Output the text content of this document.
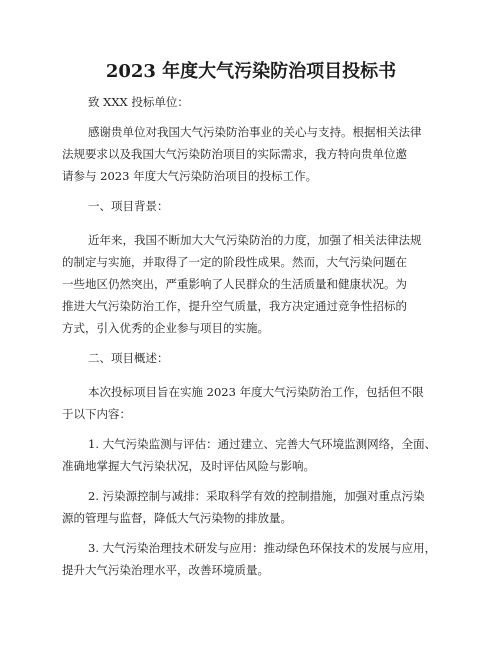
2023 年度大气污染防治项目投标书
致 XXX 投标单位：
感谢贵单位对我国大气污染防治事业的关心与支持。根据相关法律
法规要求以及我国大气污染防治项目的实际需求，我方特向贵单位邀
请参与 2023 年度大气污染防治项目的投标工作。
一、项目背景：
近年来，我国不断加大大气污染防治的力度，加强了相关法律法规
的制定与实施，并取得了一定的阶段性成果。然而，大气污染问题在
一些地区仍然突出，严重影响了人民群众的生活质量和健康状况。为
推进大气污染防治工作，提升空气质量，我方决定通过竞争性招标的
方式，引入优秀的企业参与项目的实施。
二、项目概述：
本次投标项目旨在实施 2023 年度大气污染防治工作，包括但不限
于以下内容：
1. 大气污染监测与评估：通过建立、完善大气环境监测网络，全面、
准确地掌握大气污染状况，及时评估风险与影响。
2. 污染源控制与减排：采取科学有效的控制措施，加强对重点污染
源的管理与监督，降低大气污染物的排放量。
3. 大气污染治理技术研发与应用：推动绿色环保技术的发展与应用，
提升大气污染治理水平，改善环境质量。
